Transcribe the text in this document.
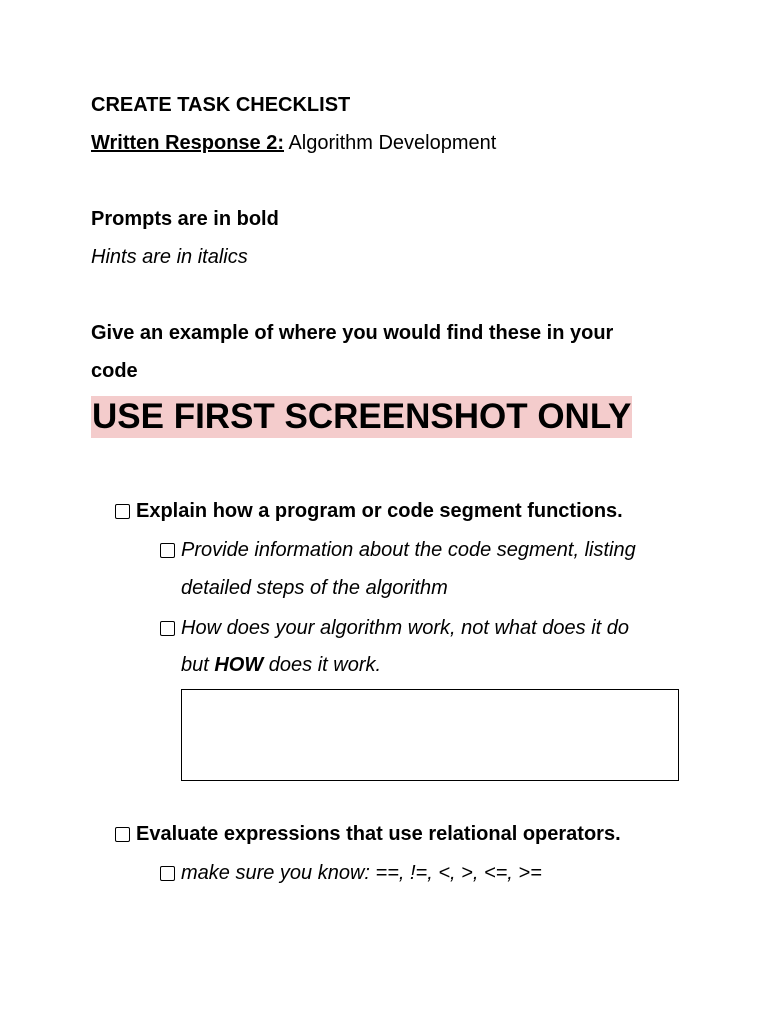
CREATE TASK CHECKLIST
Written Response 2: Algorithm Development
Prompts are in bold
Hints are in italics
Give an example of where you would find these in your
code
USE FIRST SCREENSHOT ONLY
Explain how a program or code segment functions.
Provide information about the code segment, listing
detailed steps of the algorithm
How does your algorithm work, not what does it do
but HOW does it work.
Evaluate expressions that use relational operators.
make sure you know: ==, !=, <, >, <=, >=
